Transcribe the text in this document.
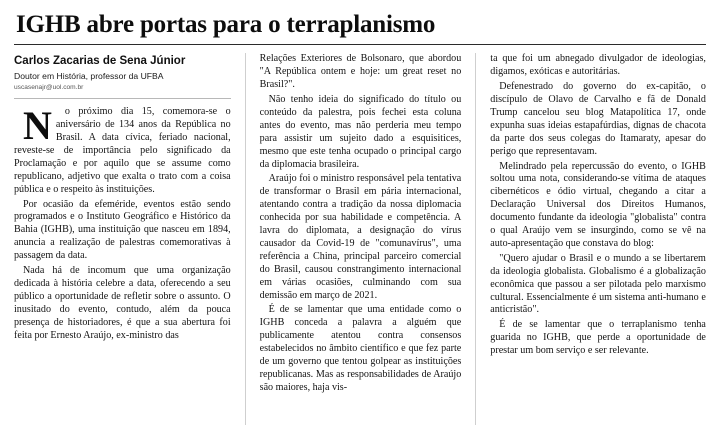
IGHB abre portas para o terraplanismo
Carlos Zacarias de Sena Júnior
Doutor em História, professor da UFBA
uscasenajr@uol.com.br

N	o próximo dia 15, comemora-se o aniversário de 134 anos da República no Brasil. A data cívica, feriado nacional, reveste-se de importância pelo significado da Proclamação e por aquilo que se assume como republicano, adjetivo que exalta o trato com a coisa pública e o respeito às instituições.

Por ocasião da efeméride, eventos estão sendo programados e o Instituto Geográfico e Histórico da Bahia (IGHB), uma instituição que nasceu em 1894, anuncia a realização de palestras comemorativas à passagem da data.

Nada há de incomum que uma organização dedicada à história celebre a data, oferecendo a seu público a oportunidade de refletir sobre o assunto. O inusitado do evento, contudo, além da pouca presença de historiadores, é que a sua abertura foi feita por Ernesto Araújo, ex-ministro das

Relações Exteriores de Bolsonaro, que abordou "A República ontem e hoje: um great reset no Brasil?".

Não tenho ideia do significado do título ou conteúdo da palestra, pois fechei esta coluna antes do evento, mas não perderia meu tempo para assistir um sujeito dado a esquisitices, mesmo que este tenha ocupado o principal cargo da diplomacia brasileira.

Araújo foi o ministro responsável pela tentativa de transformar o Brasil em pária internacional, atentando contra a tradição da nossa diplomacia conhecida por sua habilidade e competência. A lavra do diplomata, a designação do vírus causador da Covid-19 de "comunavírus", uma referência a China, principal parceiro comercial do Brasil, causou constrangimento internacional em várias ocasiões, culminando com sua demissão em março de 2021.

É de se lamentar que uma entidade como o IGHB conceda a palavra a alguém que publicamente atentou contra consensos estabelecidos no âmbito científico e que fez parte de um governo que tentou golpear as instituições republicanas. Mas as responsabilidades de Araújo são maiores, haja vis-

ta que foi um abnegado divulgador de ideologias, digamos, exóticas e autoritárias.

Defenestrado do governo do ex-capitão, o discípulo de Olavo de Carvalho e fã de Donald Trump cancelou seu blog Matapolítica 17, onde expunha suas ideias estapafúrdias, dignas de chacota da parte dos seus colegas do Itamaraty, apesar do perigo que representavam.

Melindrado pela repercussão do evento, o IGHB soltou uma nota, considerando-se vítima de ataques cibernéticos e ódio virtual, chegando a citar a Declaração Universal dos Direitos Humanos, documento fundante da ideologia "globalista" contra o qual Araújo vem se insurgindo, como se vê na auto-apresentação que constava do blog:

"Quero ajudar o Brasil e o mundo a se libertarem da ideologia globalista. Globalismo é a globalização econômica que passou a ser pilotada pelo marxismo cultural. Essencialmente é um sistema anti-humano e anticristão".

É de se lamentar que o terraplanismo tenha guarida no IGHB, que perde a oportunidade de prestar um bom serviço e ser relevante.
